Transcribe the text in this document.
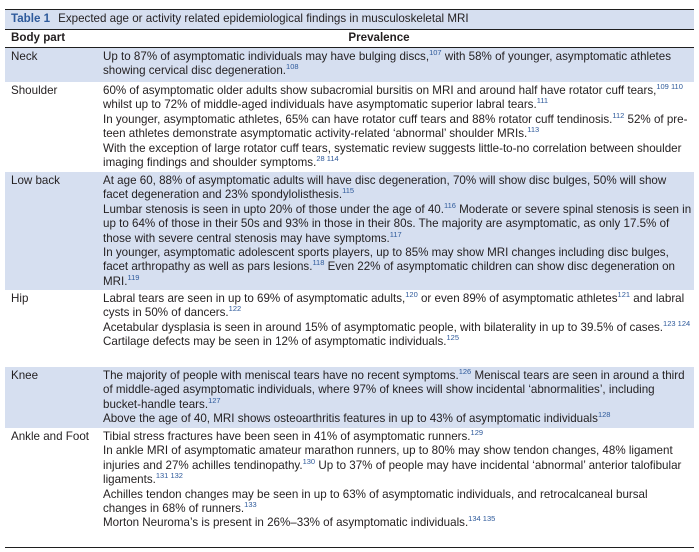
Table 1 Expected age or activity related epidemiological findings in musculoskeletal MRI
Body part	Prevalence
Neck	Up to 87% of asymptomatic individuals may have bulging discs,$^{107}$ with 58% of younger, asymptomatic athletes showing cervical disc degeneration.$^{108}$

Shoulder	60% of asymptomatic older adults show subacromial bursitis on MRI and around half have rotator cuff tears,$^{109 110}$ whilst up to 72% of middle-aged individuals have asymptomatic superior labral tears.$^{111}$

In younger, asymptomatic athletes, 65% can have rotator cuff tears and 88% rotator cuff tendinosis.$^{112}$ 52% of pre-teen athletes demonstrate asymptomatic activity-related ‘abnormal’ shoulder MRIs.$^{113}$

With the exception of large rotator cuff tears, systematic review suggests little-to-no correlation between shoulder imaging findings and shoulder symptoms.$^{28 114}$

Low back	At age 60, 88% of asymptomatic adults will have disc degeneration, 70% will show disc bulges, 50% will show facet degeneration and 23% spondylolisthesis.$^{115}$

Lumbar stenosis is seen in upto 20% of those under the age of 40.$^{116}$ Moderate or severe spinal stenosis is seen in up to 64% of those in their 50s and 93% in those in their 80s. The majority are asymptomatic, as only 17.5% of those with severe central stenosis may have symptoms.$^{117}$

In younger, asymptomatic adolescent sports players, up to 85% may show MRI changes including disc bulges, facet arthropathy as well as pars lesions.$^{118}$ Even 22% of asymptomatic children can show disc degeneration on MRI.$^{119}$

Hip	Labral tears are seen in up to 69% of asymptomatic adults,$^{120}$ or even 89% of asymptomatic athletes$^{121}$ and labral cysts in 50% of dancers.$^{122}$

Acetabular dysplasia is seen in around 15% of asymptomatic people, with bilaterality in up to 39.5% of cases.$^{123 124}$

Cartilage defects may be seen in 12% of asymptomatic individuals.$^{125}$

Knee	The majority of people with meniscal tears have no recent symptoms.$^{126}$ Meniscal tears are seen in around a third of middle-aged asymptomatic individuals, where 97% of knees will show incidental ‘abnormalities’, including bucket-handle tears.$^{127}$

Above the age of 40, MRI shows osteoarthritis features in up to 43% of asymptomatic individuals$^{128}$

Ankle and Foot	Tibial stress fractures have been seen in 41% of asymptomatic runners.$^{129}$

In ankle MRI of asymptomatic amateur marathon runners, up to 80% may show tendon changes, 48% ligament injuries and 27% achilles tendinopathy.$^{130}$ Up to 37% of people may have incidental ‘abnormal’ anterior talofibular ligaments.$^{131 132}$

Achilles tendon changes may be seen in up to 63% of asymptomatic individuals, and retrocalcaneal bursal changes in 68% of runners.$^{133}$

Morton Neuroma’s is present in 26%–33% of asymptomatic individuals.$^{134 135}$
